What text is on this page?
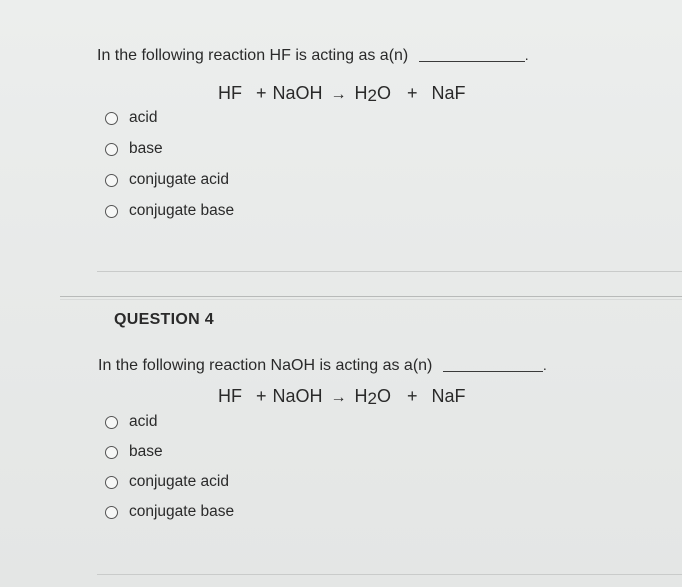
In the following reaction HF is acting as a(n)	.
HF + NaOH → H2O + NaF
acid
base
conjugate acid
conjugate base
QUESTION 4
In the following reaction NaOH is acting as a(n)	.
HF + NaOH → H2O + NaF
acid
base
conjugate acid
conjugate base
